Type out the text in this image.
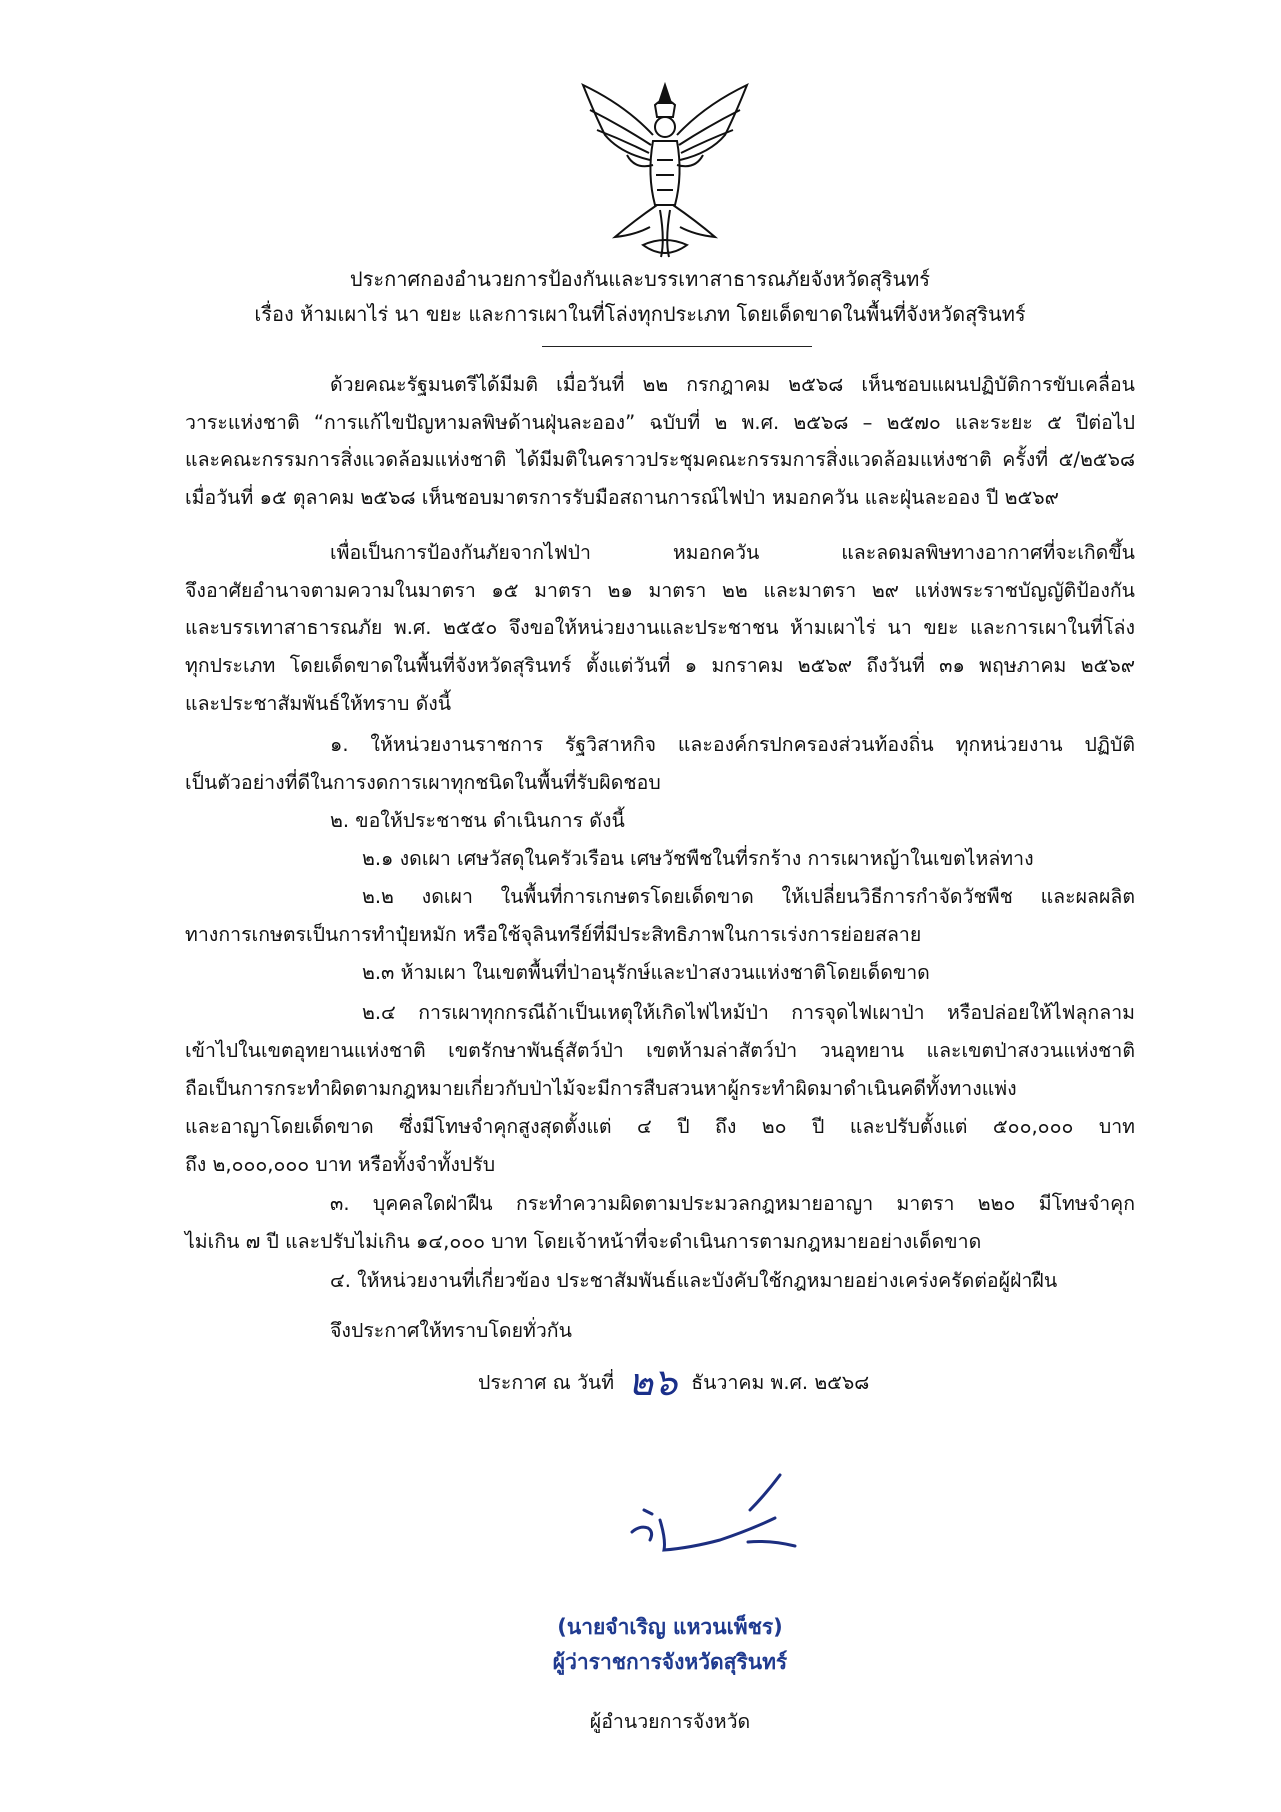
ประกาศกองอำนวยการป้องกันและบรรเทาสาธารณภัยจังหวัดสุรินทร์
เรื่อง ห้ามเผาไร่ นา ขยะ และการเผาในที่โล่งทุกประเภท โดยเด็ดขาดในพื้นที่จังหวัดสุรินทร์
ด้วยคณะรัฐมนตรีได้มีมติ เมื่อวันที่ ๒๒ กรกฎาคม ๒๕๖๘ เห็นชอบแผนปฏิบัติการขับเคลื่อน
วาระแห่งชาติ “การแก้ไขปัญหามลพิษด้านฝุ่นละออง” ฉบับที่ ๒ พ.ศ. ๒๕๖๘ – ๒๕๗๐ และระยะ ๕ ปีต่อไป
และคณะกรรมการสิ่งแวดล้อมแห่งชาติ ได้มีมติในคราวประชุมคณะกรรมการสิ่งแวดล้อมแห่งชาติ ครั้งที่ ๕/๒๕๖๘
เมื่อวันที่ ๑๕ ตุลาคม ๒๕๖๘ เห็นชอบมาตรการรับมือสถานการณ์ไฟป่า หมอกควัน และฝุ่นละออง ปี ๒๕๖๙
เพื่อเป็นการป้องกันภัยจากไฟป่า หมอกควัน และลดมลพิษทางอากาศที่จะเกิดขึ้น
จึงอาศัยอำนาจตามความในมาตรา ๑๕ มาตรา ๒๑ มาตรา ๒๒ และมาตรา ๒๙ แห่งพระราชบัญญัติป้องกัน
และบรรเทาสาธารณภัย พ.ศ. ๒๕๕๐ จึงขอให้หน่วยงานและประชาชน ห้ามเผาไร่ นา ขยะ และการเผาในที่โล่ง
ทุกประเภท โดยเด็ดขาดในพื้นที่จังหวัดสุรินทร์ ตั้งแต่วันที่ ๑ มกราคม ๒๕๖๙ ถึงวันที่ ๓๑ พฤษภาคม ๒๕๖๙
และประชาสัมพันธ์ให้ทราบ ดังนี้
๑. ให้หน่วยงานราชการ รัฐวิสาหกิจ และองค์กรปกครองส่วนท้องถิ่น ทุกหน่วยงาน ปฏิบัติ
เป็นตัวอย่างที่ดีในการงดการเผาทุกชนิดในพื้นที่รับผิดชอบ
๒. ขอให้ประชาชน ดำเนินการ ดังนี้
๒.๑ งดเผา เศษวัสดุในครัวเรือน เศษวัชพืชในที่รกร้าง การเผาหญ้าในเขตไหล่ทาง
๒.๒ งดเผา ในพื้นที่การเกษตรโดยเด็ดขาด ให้เปลี่ยนวิธีการกำจัดวัชพืช และผลผลิต
ทางการเกษตรเป็นการทำปุ๋ยหมัก หรือใช้จุลินทรีย์ที่มีประสิทธิภาพในการเร่งการย่อยสลาย
๒.๓ ห้ามเผา ในเขตพื้นที่ป่าอนุรักษ์และป่าสงวนแห่งชาติโดยเด็ดขาด
๒.๔ การเผาทุกกรณีถ้าเป็นเหตุให้เกิดไฟไหม้ป่า การจุดไฟเผาป่า หรือปล่อยให้ไฟลุกลาม
เข้าไปในเขตอุทยานแห่งชาติ เขตรักษาพันธุ์สัตว์ป่า เขตห้ามล่าสัตว์ป่า วนอุทยาน และเขตป่าสงวนแห่งชาติ
ถือเป็นการกระทำผิดตามกฎหมายเกี่ยวกับป่าไม้จะมีการสืบสวนหาผู้กระทำผิดมาดำเนินคดีทั้งทางแพ่ง
และอาญาโดยเด็ดขาด ซึ่งมีโทษจำคุกสูงสุดตั้งแต่ ๔ ปี ถึง ๒๐ ปี และปรับตั้งแต่ ๕๐๐,๐๐๐ บาท
ถึง ๒,๐๐๐,๐๐๐ บาท หรือทั้งจำทั้งปรับ
๓. บุคคลใดฝ่าฝืน กระทำความผิดตามประมวลกฎหมายอาญา มาตรา ๒๒๐ มีโทษจำคุก
ไม่เกิน ๗ ปี และปรับไม่เกิน ๑๔,๐๐๐ บาท โดยเจ้าหน้าที่จะดำเนินการตามกฎหมายอย่างเด็ดขาด
๔. ให้หน่วยงานที่เกี่ยวข้อง ประชาสัมพันธ์และบังคับใช้กฎหมายอย่างเคร่งครัดต่อผู้ฝ่าฝืน
จึงประกาศให้ทราบโดยทั่วกัน
ประกาศ ณ วันที่ ๒๖ ธันวาคม พ.ศ. ๒๕๖๘
(นายจำเริญ แหวนเพ็ชร)
ผู้ว่าราชการจังหวัดสุรินทร์
ผู้อำนวยการจังหวัด
